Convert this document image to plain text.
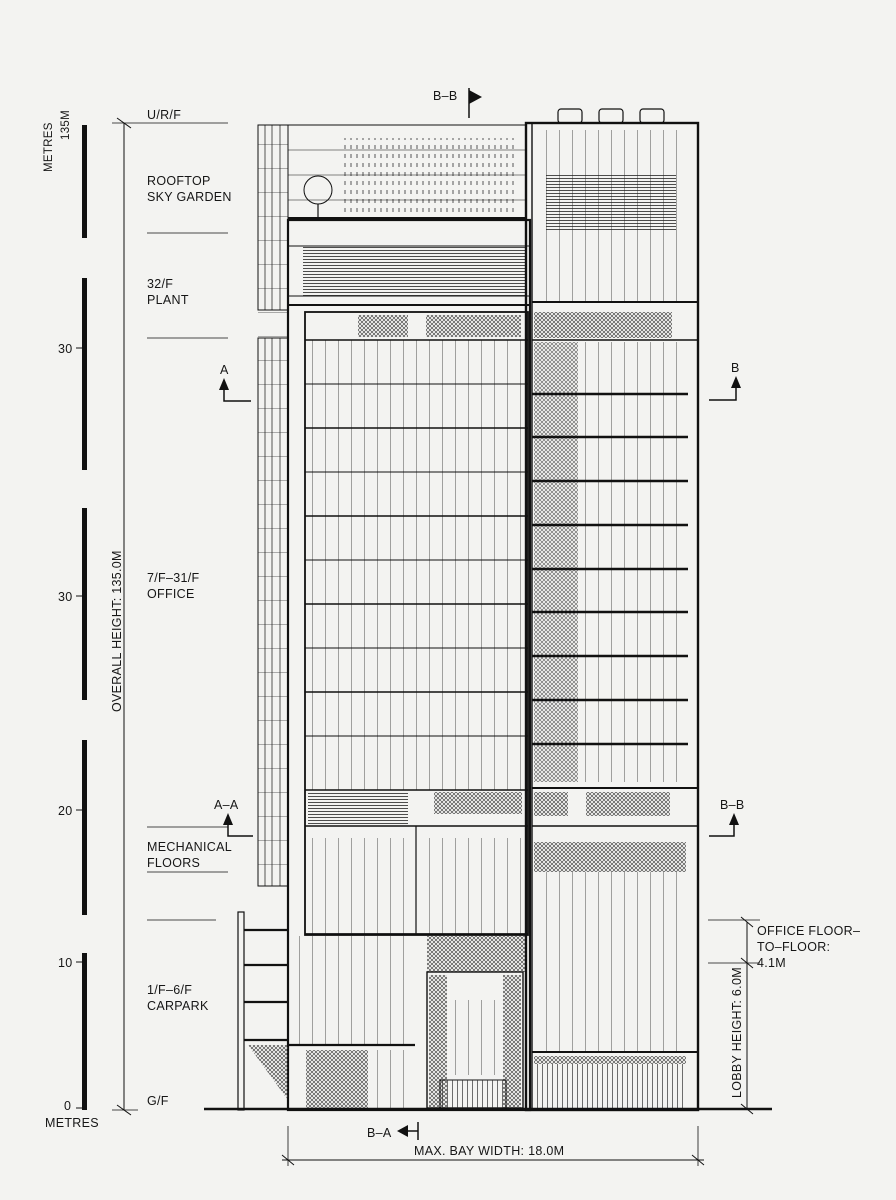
METRES 135M
30
30
20
10
0
METRES
OVERALL HEIGHT: 135.0M
U/R/F
ROOFTOP
SKY GARDEN
32/F
PLANT
7/F–31/F
OFFICE
MECHANICAL
FLOORS
1/F–6/F
CARPARK
G/F
B–B
A	B
A–A	B–B
B–A
LOBBY HEIGHT: 6.0M
OFFICE FLOOR–
TO–FLOOR:
4.1M
MAX. BAY WIDTH: 18.0M
